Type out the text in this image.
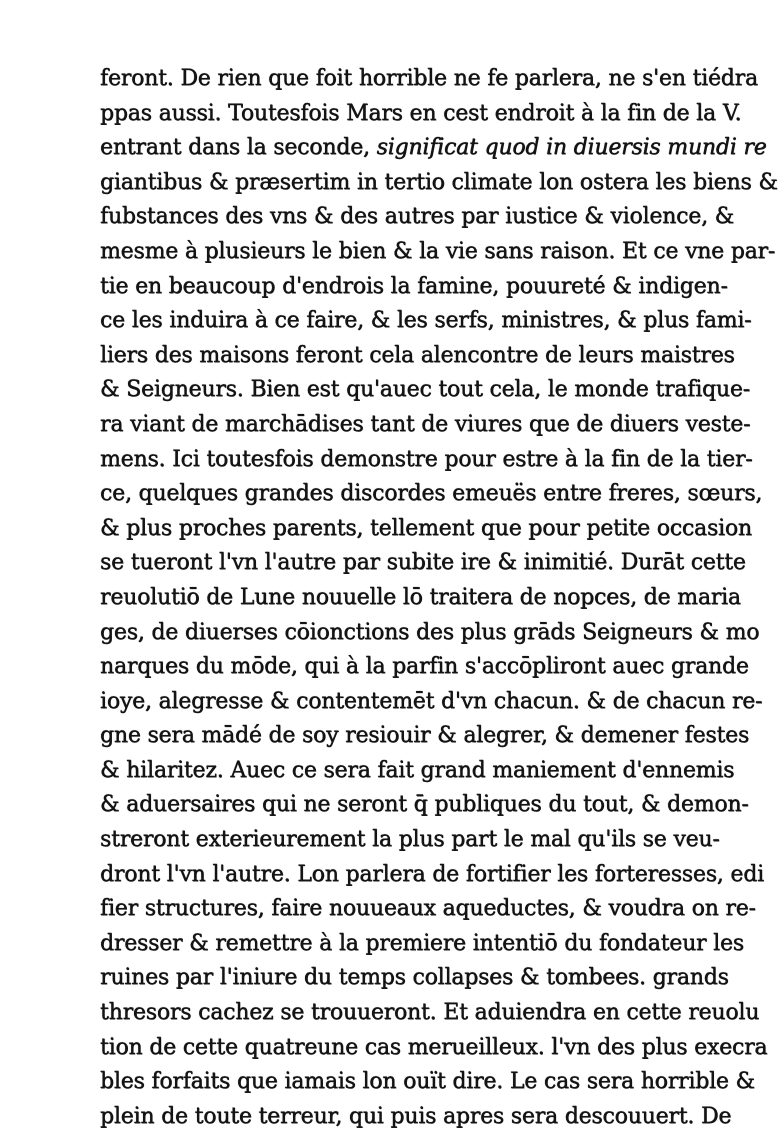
feront. De rien que foit horrible ne fe parlera, ne s'en tiédra
ppas aussi. Toutesfois Mars en cest endroit à la fin de la V.
entrant dans la seconde, significat quod in diuersis mundi re
giantibus & præsertim in tertio climate lon ostera les biens &
fubstances des vns & des autres par iustice & violence, &
mesme à plusieurs le bien & la vie sans raison. Et ce vne par-
tie en beaucoup d'endrois la famine, pouureté & indigen-
ce les induira à ce faire, & les serfs, ministres, & plus fami-
liers des maisons feront cela alencontre de leurs maistres
& Seigneurs. Bien est qu'auec tout cela, le monde trafique-
ra viant de marchādises tant de viures que de diuers veste-
mens. Ici toutesfois demonstre pour estre à la fin de la tier-
ce, quelques grandes discordes emeuës entre freres, sœurs,
& plus proches parents, tellement que pour petite occasion
se tueront l'vn l'autre par subite ire & inimitié. Durāt cette
reuolutiō de Lune nouuelle lō traitera de nopces, de maria
ges, de diuerses cōionctions des plus grāds Seigneurs & mo
narques du mōde, qui à la parfin s'accōpliront auec grande
ioye, alegresse & contentemēt d'vn chacun. & de chacun re-
gne sera mādé de soy resiouir & alegrer, & demener festes
& hilaritez. Auec ce sera fait grand maniement d'ennemis
& aduersaires qui ne seront q̄ publiques du tout, & demon-
streront exterieurement la plus part le mal qu'ils se veu-
dront l'vn l'autre. Lon parlera de fortifier les forteresses, edi
fier structures, faire nouueaux aqueductes, & voudra on re-
dresser & remettre à la premiere intentiō du fondateur les
ruines par l'iniure du temps collapses & tombees. grands
thresors cachez se trouueront. Et aduiendra en cette reuolu
tion de cette quatreune cas merueilleux. l'vn des plus execra
bles forfaits que iamais lon ouït dire. Le cas sera horrible &
plein de toute terreur, qui puis apres sera descouuert. De
